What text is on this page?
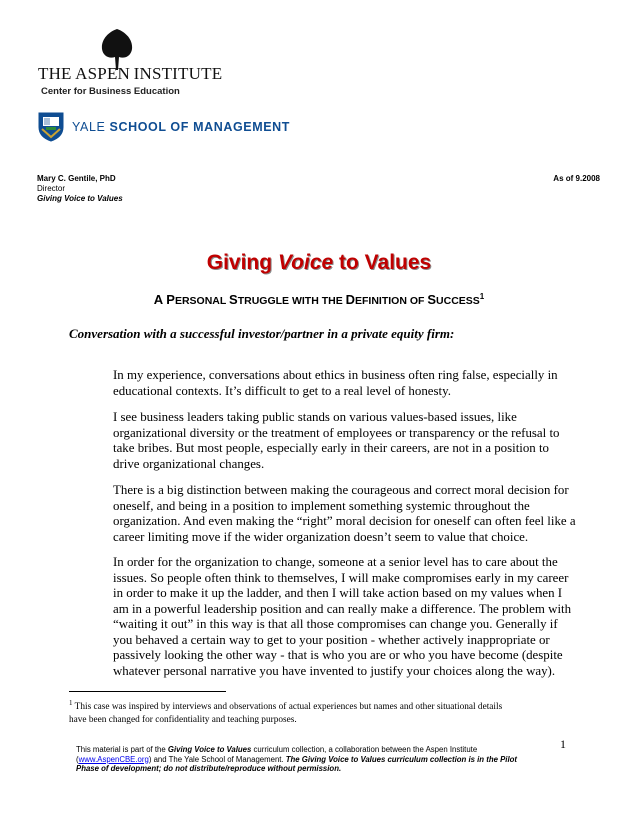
THE ASPEN INSTITUTE
Center for Business Education
YALE SCHOOL OF MANAGEMENT
Mary C. Gentile, PhD
Director
Giving Voice to Values
As of 9.2008
Giving Voice to Values
A PERSONAL STRUGGLE WITH THE DEFINITION OF SUCCESS$^1$
Conversation with a successful investor/partner in a private equity firm:
In my experience, conversations about ethics in business often ring false, especially in
educational contexts. It’s difficult to get to a real level of honesty.
I see business leaders taking public stands on various values-based issues, like
organizational diversity or the treatment of employees or transparency or the refusal to
take bribes. But most people, especially early in their careers, are not in a position to
drive organizational changes.
There is a big distinction between making the courageous and correct moral decision for
oneself, and being in a position to implement something systemic throughout the
organization. And even making the “right” moral decision for oneself can often feel like a
career limiting move if the wider organization doesn’t seem to value that choice.
In order for the organization to change, someone at a senior level has to care about the
issues. So people often think to themselves, I will make compromises early in my career
in order to make it up the ladder, and then I will take action based on my values when I
am in a powerful leadership position and can really make a difference. The problem with
“waiting it out” in this way is that all those compromises can change you. Generally if
you behaved a certain way to get to your position - whether actively inappropriate or
passively looking the other way - that is who you are or who you have become (despite
whatever personal narrative you have invented to justify your choices along the way).
$^1$ This case was inspired by interviews and observations of actual experiences but names and other situational details
have been changed for confidentiality and teaching purposes.
1
This material is part of the Giving Voice to Values curriculum collection, a collaboration between the Aspen Institute
(www.AspenCBE.org) and The Yale School of Management. The Giving Voice to Values curriculum collection is in the Pilot
Phase of development; do not distribute/reproduce without permission.
